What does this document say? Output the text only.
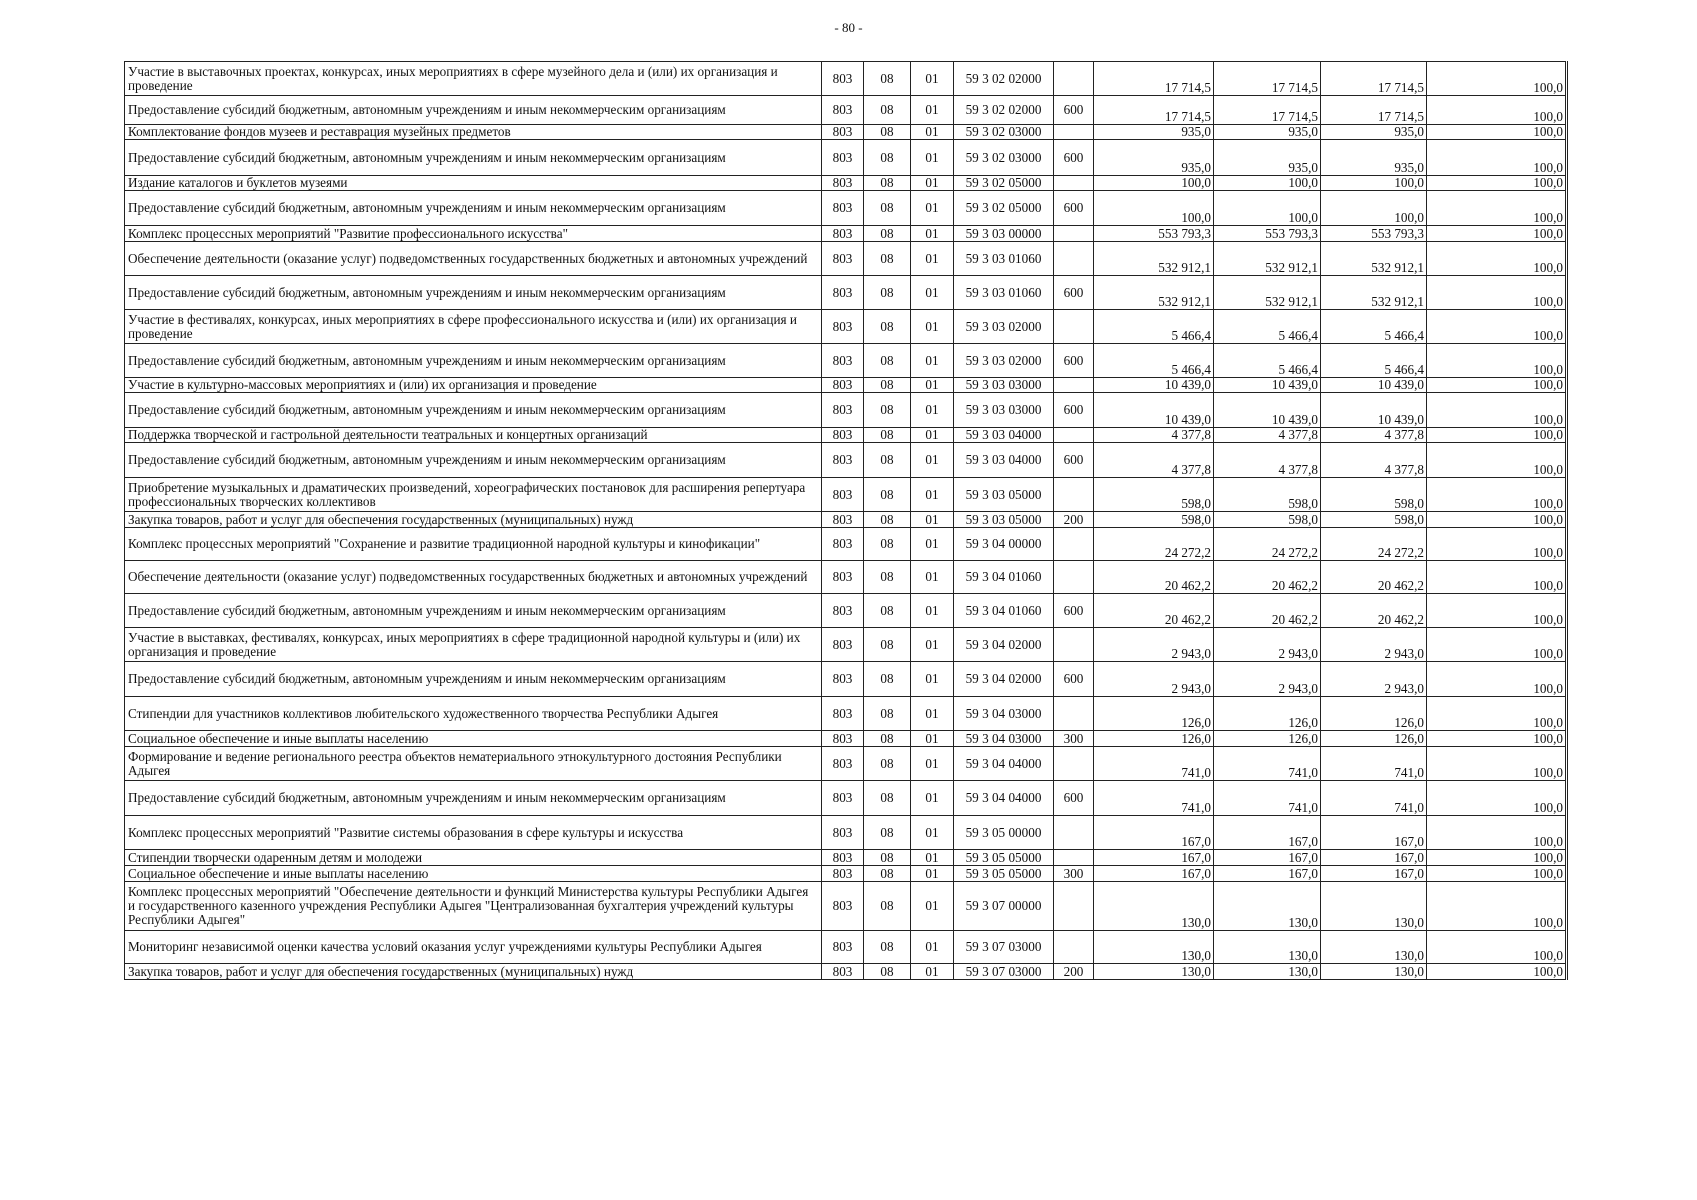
- 80 -
Участие в выставочных проектах, конкурсах, иных мероприятиях в сфере музейного дела и (или) их организация и проведение	803	08	01	59 3 02 02000		17 714,5	17 714,5	17 714,5	100,0
Предоставление субсидий бюджетным, автономным учреждениям и иным некоммерческим организациям	803	08	01	59 3 02 02000	600	17 714,5	17 714,5	17 714,5	100,0
Комплектование фондов музеев и реставрация музейных предметов	803	08	01	59 3 02 03000		935,0	935,0	935,0	100,0
Предоставление субсидий бюджетным, автономным учреждениям и иным некоммерческим организациям	803	08	01	59 3 02 03000	600	935,0	935,0	935,0	100,0
Издание каталогов и буклетов музеями	803	08	01	59 3 02 05000		100,0	100,0	100,0	100,0
Предоставление субсидий бюджетным, автономным учреждениям и иным некоммерческим организациям	803	08	01	59 3 02 05000	600	100,0	100,0	100,0	100,0
Комплекс процессных мероприятий "Развитие профессионального искусства"	803	08	01	59 3 03 00000		553 793,3	553 793,3	553 793,3	100,0
Обеспечение деятельности (оказание услуг) подведомственных государственных бюджетных и автономных учреждений	803	08	01	59 3 03 01060		532 912,1	532 912,1	532 912,1	100,0
Предоставление субсидий бюджетным, автономным учреждениям и иным некоммерческим организациям	803	08	01	59 3 03 01060	600	532 912,1	532 912,1	532 912,1	100,0
Участие в фестивалях, конкурсах, иных мероприятиях в сфере профессионального искусства и (или) их организация и проведение	803	08	01	59 3 03 02000		5 466,4	5 466,4	5 466,4	100,0
Предоставление субсидий бюджетным, автономным учреждениям и иным некоммерческим организациям	803	08	01	59 3 03 02000	600	5 466,4	5 466,4	5 466,4	100,0
Участие в культурно-массовых мероприятиях и (или) их организация и проведение	803	08	01	59 3 03 03000		10 439,0	10 439,0	10 439,0	100,0
Предоставление субсидий бюджетным, автономным учреждениям и иным некоммерческим организациям	803	08	01	59 3 03 03000	600	10 439,0	10 439,0	10 439,0	100,0
Поддержка творческой и гастрольной деятельности театральных и концертных организаций	803	08	01	59 3 03 04000		4 377,8	4 377,8	4 377,8	100,0
Предоставление субсидий бюджетным, автономным учреждениям и иным некоммерческим организациям	803	08	01	59 3 03 04000	600	4 377,8	4 377,8	4 377,8	100,0
Приобретение музыкальных и драматических произведений, хореографических постановок для расширения репертуара профессиональных творческих коллективов	803	08	01	59 3 03 05000		598,0	598,0	598,0	100,0
Закупка товаров, работ и услуг для обеспечения государственных (муниципальных) нужд	803	08	01	59 3 03 05000	200	598,0	598,0	598,0	100,0
Комплекс процессных мероприятий "Сохранение и развитие традиционной народной культуры и кинофикации"	803	08	01	59 3 04 00000		24 272,2	24 272,2	24 272,2	100,0
Обеспечение деятельности (оказание услуг) подведомственных государственных бюджетных и автономных учреждений	803	08	01	59 3 04 01060		20 462,2	20 462,2	20 462,2	100,0
Предоставление субсидий бюджетным, автономным учреждениям и иным некоммерческим организациям	803	08	01	59 3 04 01060	600	20 462,2	20 462,2	20 462,2	100,0
Участие в выставках, фестивалях, конкурсах, иных мероприятиях в сфере традиционной народной культуры и (или) их организация и проведение	803	08	01	59 3 04 02000		2 943,0	2 943,0	2 943,0	100,0
Предоставление субсидий бюджетным, автономным учреждениям и иным некоммерческим организациям	803	08	01	59 3 04 02000	600	2 943,0	2 943,0	2 943,0	100,0
Стипендии для участников коллективов любительского художественного творчества Республики Адыгея	803	08	01	59 3 04 03000		126,0	126,0	126,0	100,0
Социальное обеспечение и иные выплаты населению	803	08	01	59 3 04 03000	300	126,0	126,0	126,0	100,0
Формирование и ведение регионального реестра объектов нематериального этнокультурного достояния Республики Адыгея	803	08	01	59 3 04 04000		741,0	741,0	741,0	100,0
Предоставление субсидий бюджетным, автономным учреждениям и иным некоммерческим организациям	803	08	01	59 3 04 04000	600	741,0	741,0	741,0	100,0
Комплекс процессных мероприятий "Развитие системы образования в сфере культуры и искусства	803	08	01	59 3 05 00000		167,0	167,0	167,0	100,0
Стипендии творчески одаренным детям и молодежи	803	08	01	59 3 05 05000		167,0	167,0	167,0	100,0
Социальное обеспечение и иные выплаты населению	803	08	01	59 3 05 05000	300	167,0	167,0	167,0	100,0
Комплекс процессных мероприятий "Обеспечение деятельности и функций Министерства культуры Республики Адыгея и государственного казенного учреждения Республики Адыгея "Централизованная бухгалтерия учреждений культуры Республики Адыгея"	803	08	01	59 3 07 00000		130,0	130,0	130,0	100,0
Мониторинг независимой оценки качества условий оказания услуг учреждениями культуры Республики Адыгея	803	08	01	59 3 07 03000		130,0	130,0	130,0	100,0
Закупка товаров, работ и услуг для обеспечения государственных (муниципальных) нужд	803	08	01	59 3 07 03000	200	130,0	130,0	130,0	100,0
